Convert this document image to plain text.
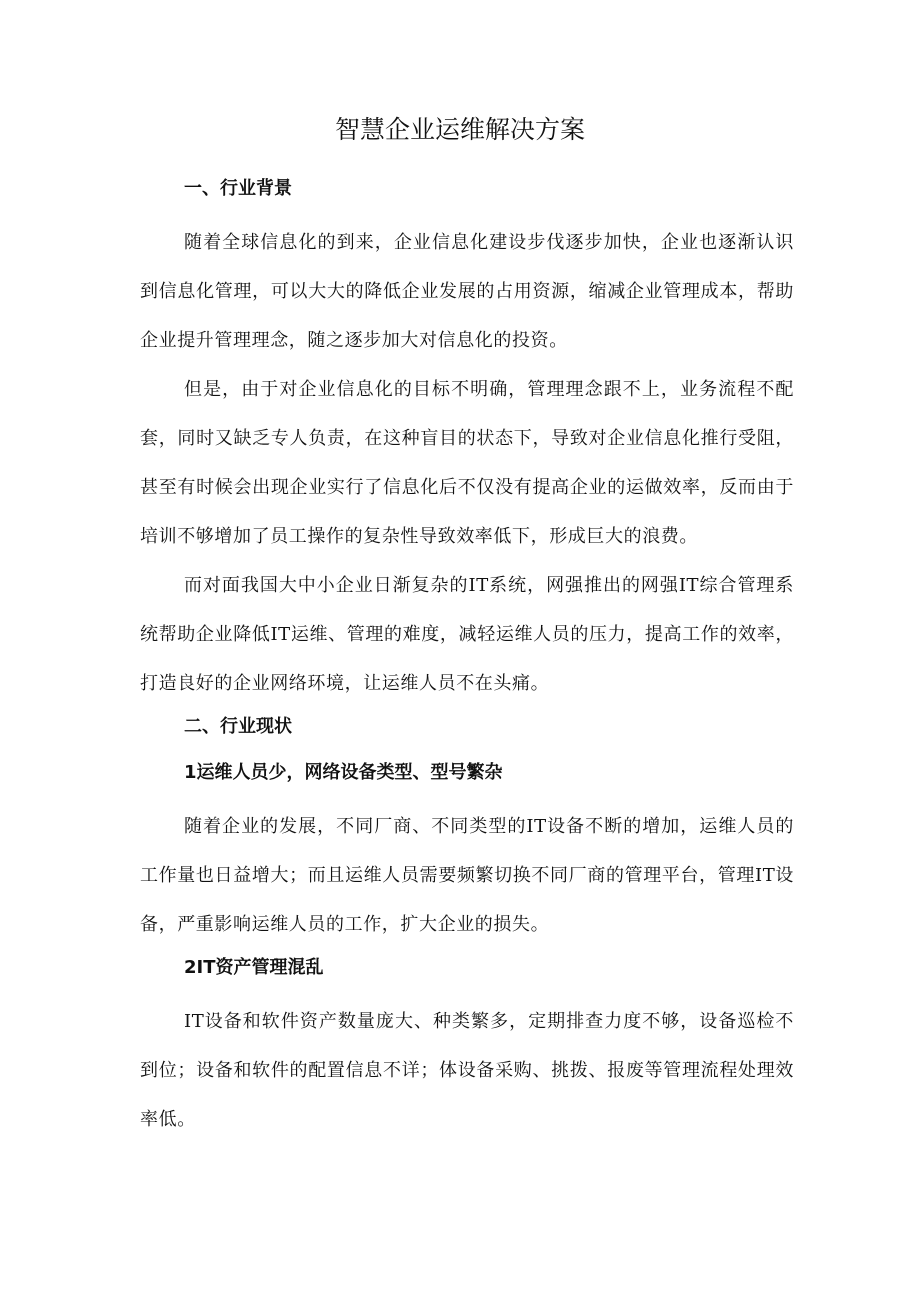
智慧企业运维解决方案
一、行业背景

随着全球信息化的到来，企业信息化建设步伐逐步加快，企业也逐渐认识到信息化管理，可以大大的降低企业发展的占用资源，缩减企业管理成本，帮助企业提升管理理念，随之逐步加大对信息化的投资。

但是，由于对企业信息化的目标不明确，管理理念跟不上，业务流程不配套，同时又缺乏专人负责，在这种盲目的状态下，导致对企业信息化推行受阻，甚至有时候会出现企业实行了信息化后不仅没有提高企业的运做效率，反而由于培训不够增加了员工操作的复杂性导致效率低下，形成巨大的浪费。

而对面我国大中小企业日渐复杂的IT系统，网强推出的网强IT综合管理系统帮助企业降低IT运维、管理的难度，减轻运维人员的压力，提高工作的效率，打造良好的企业网络环境，让运维人员不在头痛。

二、行业现状
1运维人员少，网络设备类型、型号繁杂

随着企业的发展，不同厂商、不同类型的IT设备不断的增加，运维人员的工作量也日益增大；而且运维人员需要频繁切换不同厂商的管理平台，管理IT设备，严重影响运维人员的工作，扩大企业的损失。

2IT资产管理混乱

IT设备和软件资产数量庞大、种类繁多，定期排查力度不够，设备巡检不到位；设备和软件的配置信息不详；体设备采购、挑拨、报废等管理流程处理效率低。
